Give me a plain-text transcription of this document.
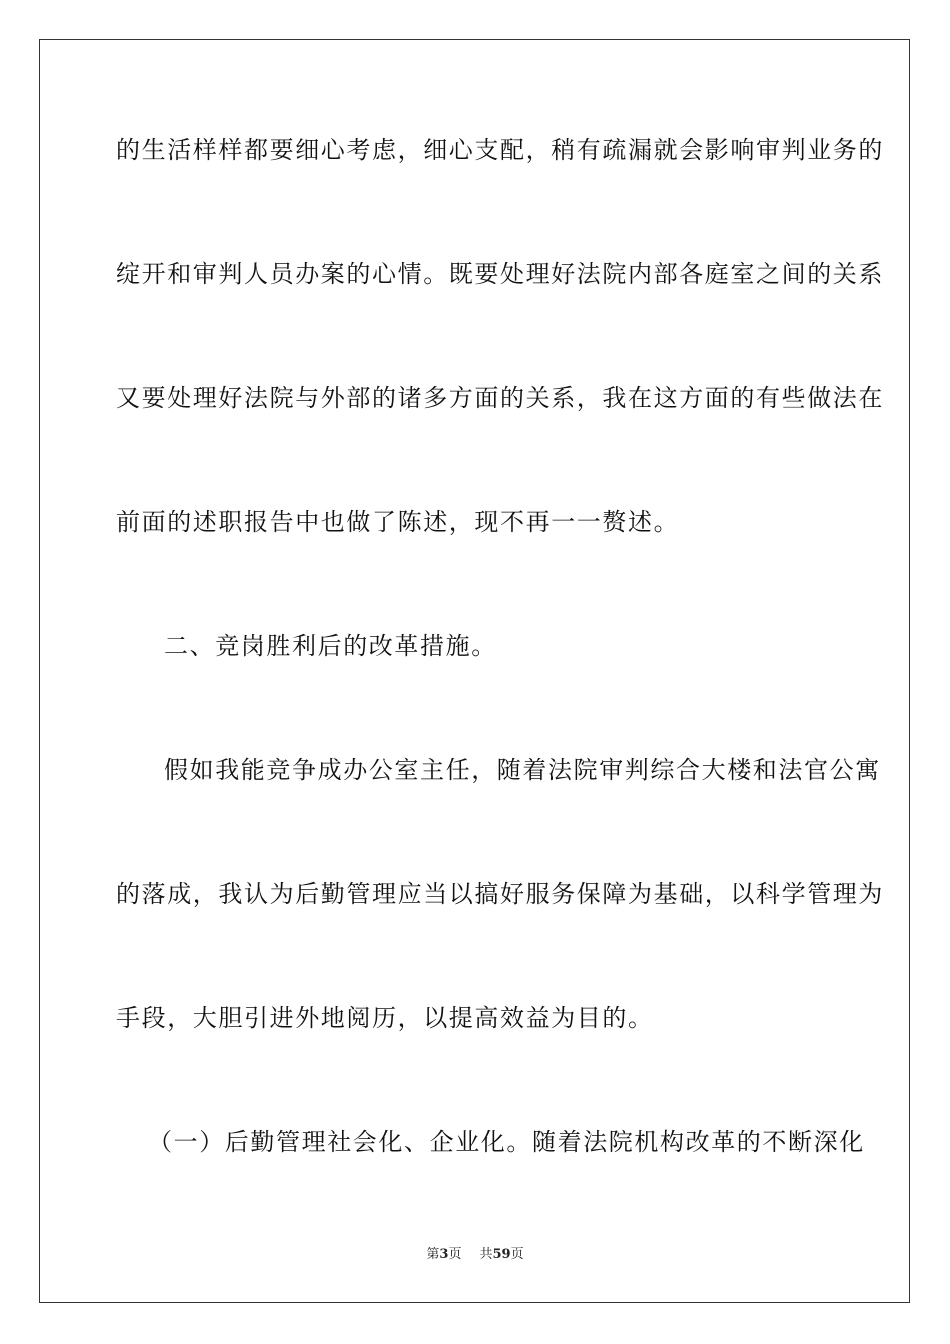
的生活样样都要细心考虑，细心支配，稍有疏漏就会影响审判业务的
绽开和审判人员办案的心情。既要处理好法院内部各庭室之间的关系
又要处理好法院与外部的诸多方面的关系，我在这方面的有些做法在
前面的述职报告中也做了陈述，现不再一一赘述。
二、竞岗胜利后的改革措施。
假如我能竞争成办公室主任，随着法院审判综合大楼和法官公寓
的落成，我认为后勤管理应当以搞好服务保障为基础，以科学管理为
手段，大胆引进外地阅历，以提高效益为目的。
（一）后勤管理社会化、企业化。随着法院机构改革的不断深化
第3页 共59页
